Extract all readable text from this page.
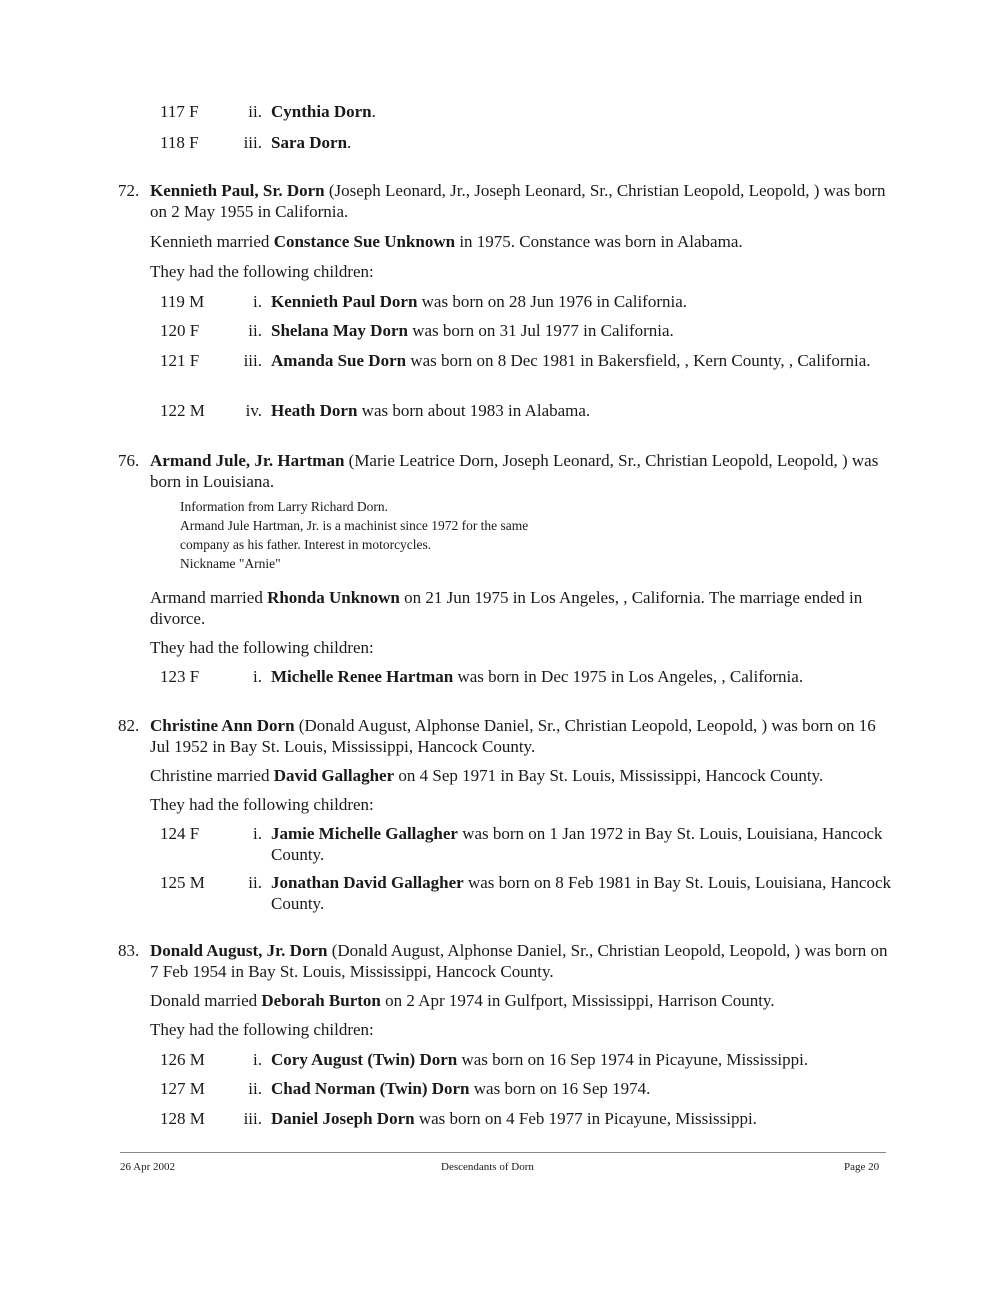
117 F	ii. Cynthia Dorn.
118 F	iii. Sara Dorn.
72. Kennieth Paul, Sr. Dorn (Joseph Leonard, Jr., Joseph Leonard, Sr., Christian Leopold, Leopold, ) was born on 2 May 1955 in California.
Kennieth married Constance Sue Unknown in 1975. Constance was born in Alabama.
They had the following children:
119 M	i. Kennieth Paul Dorn was born on 28 Jun 1976 in California.
120 F	ii. Shelana May Dorn was born on 31 Jul 1977 in California.
121 F	iii. Amanda Sue Dorn was born on 8 Dec 1981 in Bakersfield, , Kern County, , California.
122 M	iv. Heath Dorn was born about 1983 in Alabama.
76. Armand Jule, Jr. Hartman (Marie Leatrice Dorn, Joseph Leonard, Sr., Christian Leopold, Leopold, ) was born in Louisiana.
Information from Larry Richard Dorn.
Armand Jule Hartman, Jr. is a machinist since 1972 for the same
company as his father. Interest in motorcycles.
Nickname "Arnie"
Armand married Rhonda Unknown on 21 Jun 1975 in Los Angeles, , California. The marriage ended in divorce.
They had the following children:
123 F	i. Michelle Renee Hartman was born in Dec 1975 in Los Angeles, , California.
82. Christine Ann Dorn (Donald August, Alphonse Daniel, Sr., Christian Leopold, Leopold, ) was born on 16 Jul 1952 in Bay St. Louis, Mississippi, Hancock County.
Christine married David Gallagher on 4 Sep 1971 in Bay St. Louis, Mississippi, Hancock County.
They had the following children:
124 F	i. Jamie Michelle Gallagher was born on 1 Jan 1972 in Bay St. Louis, Louisiana, Hancock County.
125 M	ii. Jonathan David Gallagher was born on 8 Feb 1981 in Bay St. Louis, Louisiana, Hancock County.
83. Donald August, Jr. Dorn (Donald August, Alphonse Daniel, Sr., Christian Leopold, Leopold, ) was born on 7 Feb 1954 in Bay St. Louis, Mississippi, Hancock County.
Donald married Deborah Burton on 2 Apr 1974 in Gulfport, Mississippi, Harrison County.
They had the following children:
126 M	i. Cory August (Twin) Dorn was born on 16 Sep 1974 in Picayune, Mississippi.
127 M	ii. Chad Norman (Twin) Dorn was born on 16 Sep 1974.
128 M	iii. Daniel Joseph Dorn was born on 4 Feb 1977 in Picayune, Mississippi.
26 Apr 2002	Descendants of Dorn	Page 20
